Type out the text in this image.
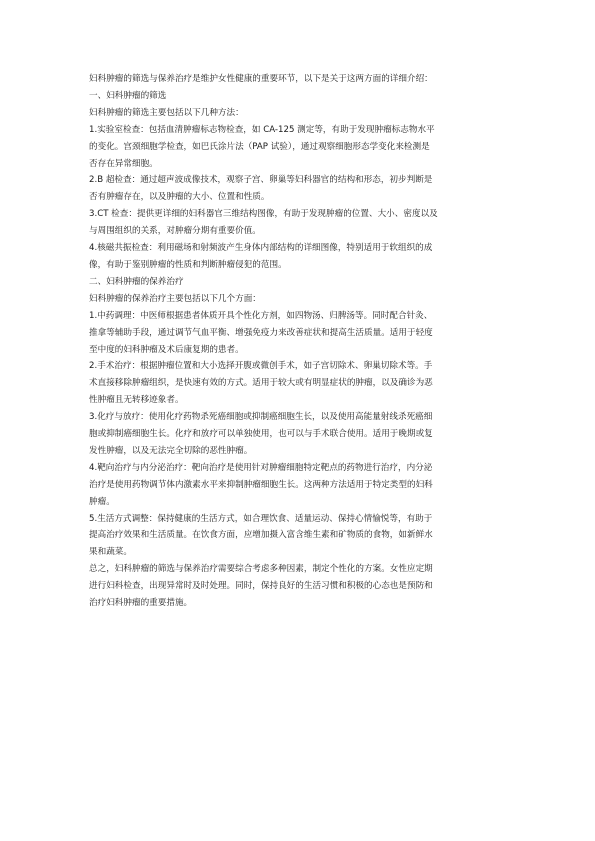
妇科肿瘤的筛选与保养治疗是维护女性健康的重要环节，以下是关于这两方面的详细介绍：
一、妇科肿瘤的筛选
妇科肿瘤的筛选主要包括以下几种方法：
1.实验室检查：包括血清肿瘤标志物检查，如 CA-125 测定等，有助于发现肿瘤标志物水平
的变化。宫颈细胞学检查，如巴氏涂片法（PAP 试验），通过观察细胞形态学变化来检测是
否存在异常细胞。
2.B 超检查：通过超声波成像技术，观察子宫、卵巢等妇科器官的结构和形态，初步判断是
否有肿瘤存在，以及肿瘤的大小、位置和性质。
3.CT 检查：提供更详细的妇科器官三维结构图像，有助于发现肿瘤的位置、大小、密度以及
与周围组织的关系，对肿瘤分期有重要价值。
4.核磁共振检查：利用磁场和射频波产生身体内部结构的详细图像，特别适用于软组织的成
像，有助于鉴别肿瘤的性质和判断肿瘤侵犯的范围。
二、妇科肿瘤的保养治疗
妇科肿瘤的保养治疗主要包括以下几个方面：
1.中药调理：中医师根据患者体质开具个性化方剂，如四物汤、归脾汤等。同时配合针灸、
推拿等辅助手段，通过调节气血平衡、增强免疫力来改善症状和提高生活质量。适用于轻度
至中度的妇科肿瘤及术后康复期的患者。
2.手术治疗：根据肿瘤位置和大小选择开腹或微创手术，如子宫切除术、卵巢切除术等。手
术直接移除肿瘤组织，是快速有效的方式。适用于较大或有明显症状的肿瘤，以及确诊为恶
性肿瘤且无转移迹象者。
3.化疗与放疗：使用化疗药物杀死癌细胞或抑制癌细胞生长，以及使用高能量射线杀死癌细
胞或抑制癌细胞生长。化疗和放疗可以单独使用，也可以与手术联合使用。适用于晚期或复
发性肿瘤，以及无法完全切除的恶性肿瘤。
4.靶向治疗与内分泌治疗：靶向治疗是使用针对肿瘤细胞特定靶点的药物进行治疗，内分泌
治疗是使用药物调节体内激素水平来抑制肿瘤细胞生长。这两种方法适用于特定类型的妇科
肿瘤。
5.生活方式调整：保持健康的生活方式，如合理饮食、适量运动、保持心情愉悦等，有助于
提高治疗效果和生活质量。在饮食方面，应增加摄入富含维生素和矿物质的食物，如新鲜水
果和蔬菜。
总之，妇科肿瘤的筛选与保养治疗需要综合考虑多种因素，制定个性化的方案。女性应定期
进行妇科检查，出现异常时及时处理。同时，保持良好的生活习惯和积极的心态也是预防和
治疗妇科肿瘤的重要措施。
